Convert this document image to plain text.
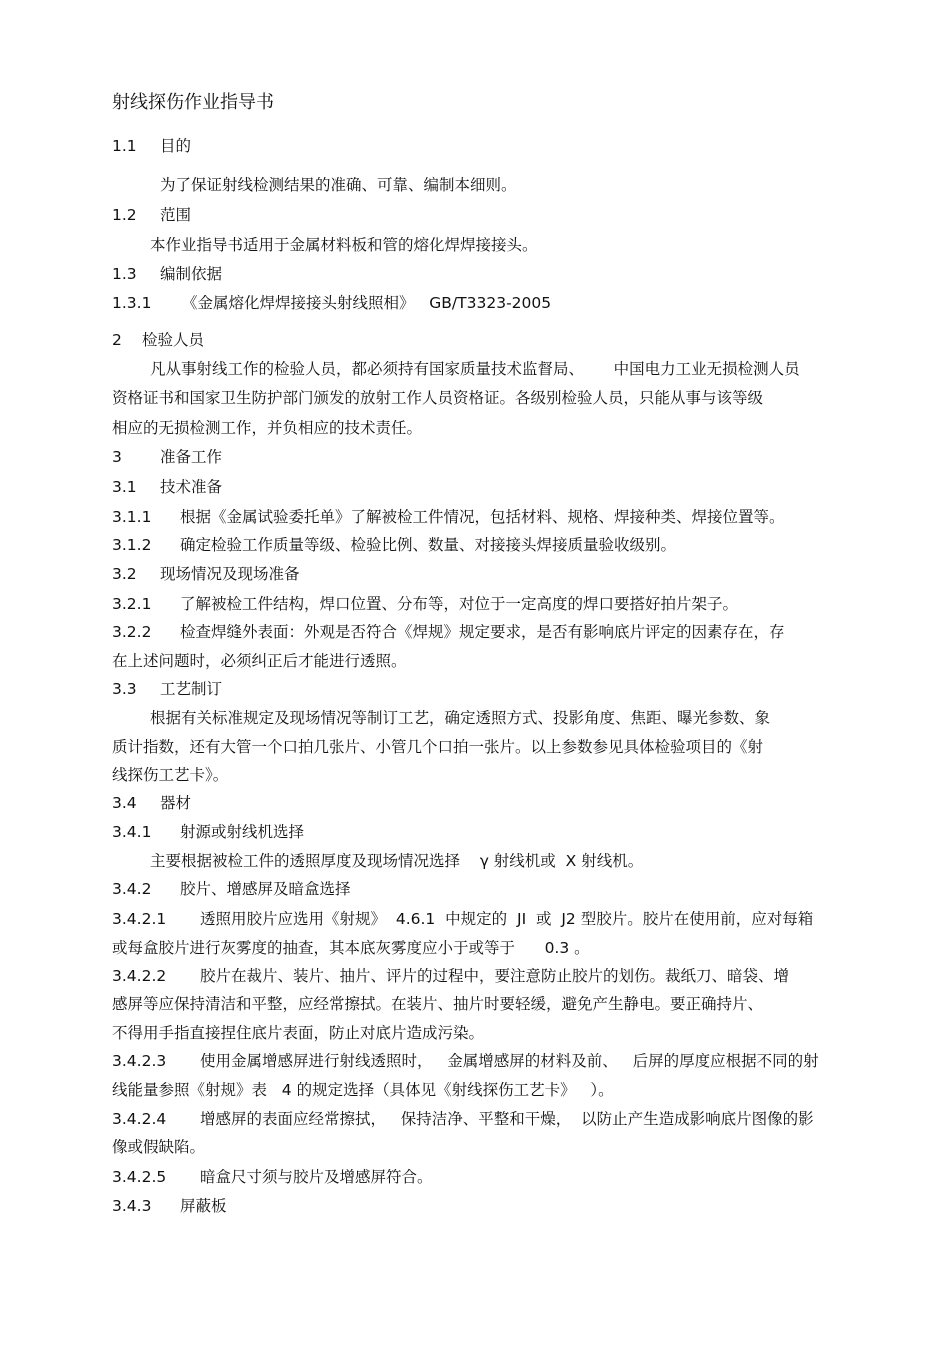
射线探伤作业指导书
1.1 目的
为了保证射线检测结果的准确、可靠、编制本细则。
1.2 范围
本作业指导书适用于金属材料板和管的熔化焊焊接接头。
1.3 编制依据
1.3.1 《金属熔化焊焊接接头射线照相》   GB/T3323-2005
2 检验人员
凡从事射线工作的检验人员，都必须持有国家质量技术监督局、      中国电力工业无损检测人员
资格证书和国家卫生防护部门颁发的放射工作人员资格证。各级别检验人员，只能从事与该等级
相应的无损检测工作，并负相应的技术责任。
3 准备工作
3.1 技术准备
3.1.1 根据《金属试验委托单》了解被检工件情况，包括材料、规格、焊接种类、焊接位置等。
3.1.2 确定检验工作质量等级、检验比例、数量、对接接头焊接质量验收级别。
3.2 现场情况及现场准备
3.2.1 了解被检工件结构，焊口位置、分布等，对位于一定高度的焊口要搭好拍片架子。
3.2.2 检查焊缝外表面：外观是否符合《焊规》规定要求，是否有影响底片评定的因素存在，存
在上述问题时，必须纠正后才能进行透照。
3.3 工艺制订
根据有关标准规定及现场情况等制订工艺，确定透照方式、投影角度、焦距、曝光参数、象
质计指数，还有大管一个口拍几张片、小管几个口拍一张片。以上参数参见具体检验项目的《射
线探伤工艺卡》。
3.4 器材
3.4.1 射源或射线机选择
主要根据被检工件的透照厚度及现场情况选择    γ 射线机或  X 射线机。
3.4.2 胶片、增感屏及暗盒选择
3.4.2.1 透照用胶片应选用《射规》  4.6.1  中规定的  JI  或  J2 型胶片。胶片在使用前，应对每箱
或每盒胶片进行灰雾度的抽查，其本底灰雾度应小于或等于      0.3 。
3.4.2.2 胶片在裁片、装片、抽片、评片的过程中，要注意防止胶片的划伤。裁纸刀、暗袋、增
感屏等应保持清洁和平整，应经常擦拭。在装片、抽片时要轻缓，避免产生静电。要正确持片、
不得用手指直接捏住底片表面，防止对底片造成污染。
3.4.2.3 使用金属增感屏进行射线透照时，   金属增感屏的材料及前、   后屏的厚度应根据不同的射
线能量参照《射规》表   4 的规定选择（具体见《射线探伤工艺卡》   ）。
3.4.2.4 增感屏的表面应经常擦拭，   保持洁净、平整和干燥，  以防止产生造成影响底片图像的影
像或假缺陷。
3.4.2.5 暗盒尺寸须与胶片及增感屏符合。
3.4.3 屏蔽板
